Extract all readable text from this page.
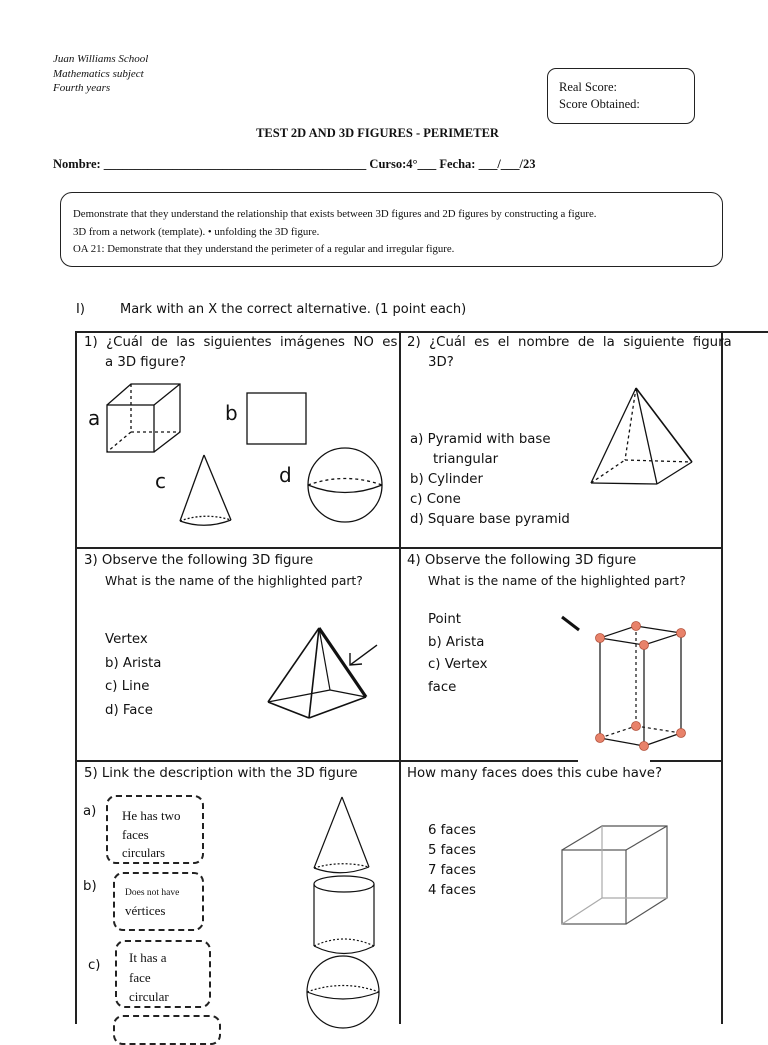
Juan Williams School
Mathematics subject
Fourth years	Real Score:
Score Obtained:
TEST 2D AND 3D FIGURES - PERIMETER
Nombre: __________________________________________ Curso:4°___ Fecha: ___/___/23
Demonstrate that they understand the relationship that exists between 3D figures and 2D figures by constructing a figure.
3D from a network (template). • unfolding the 3D figure.
OA 21: Demonstrate that they understand the perimeter of a regular and irregular figure.
I)	Mark with an X the correct alternative. (1 point each)
1)  ¿Cuál  de  las  siguientes  imágenes  NO  es
a 3D figure?
a	b
c	d
2)  ¿Cuál  es  el  nombre  de  la  siguiente  figura
3D?
a) Pyramid with base
triangular
b) Cylinder
c) Cone
d) Square base pyramid
3) Observe the following 3D figure
What is the name of the highlighted part?
Vertex
b) Arista
c) Line
d) Face
4) Observe the following 3D figure
What is the name of the highlighted part?
Point
b) Arista
c) Vertex
face
5) Link the description with the 3D figure
a) He has two
faces
circulars
b)	Does not have
vértices
c)
It has a
face
circular
How many faces does this cube have?
6 faces
5 faces
7 faces
4 faces
